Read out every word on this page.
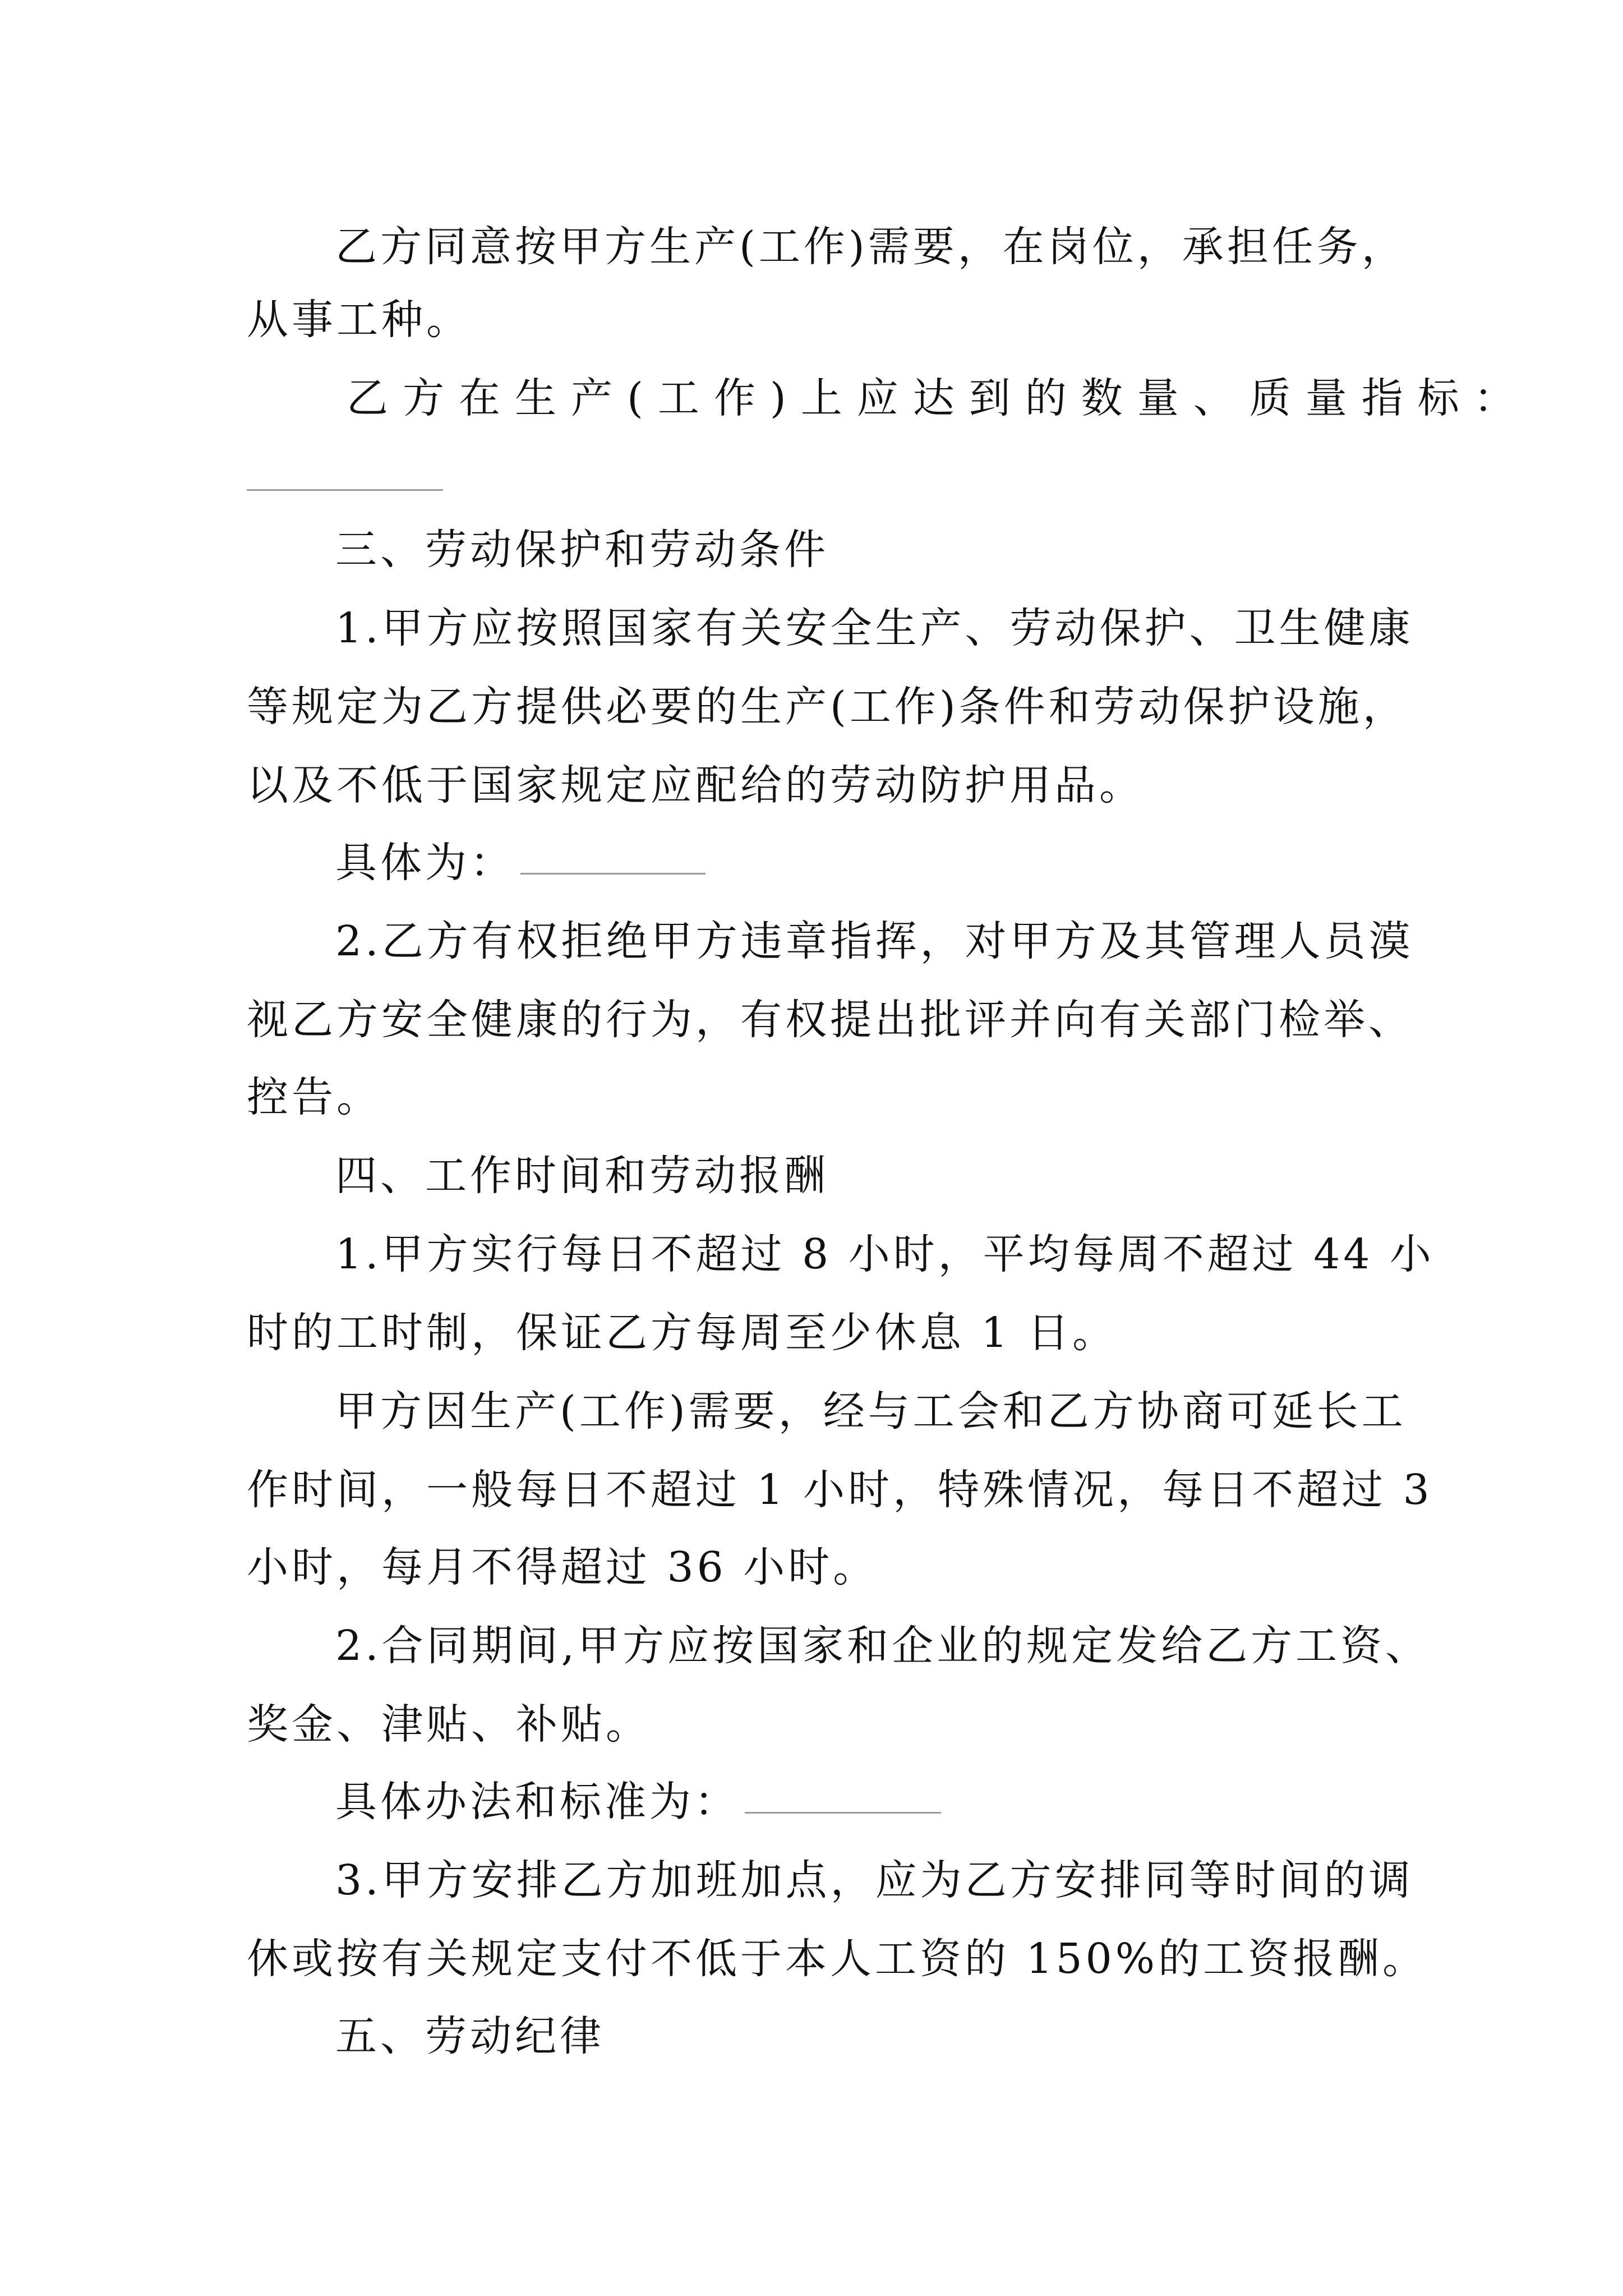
乙方同意按甲方生产(工作)需要，在岗位，承担任务，
从事工种。
乙方在生产(工作)上应达到的数量、质量指标：
三、劳动保护和劳动条件
1.甲方应按照国家有关安全生产、劳动保护、卫生健康
等规定为乙方提供必要的生产(工作)条件和劳动保护设施，
以及不低于国家规定应配给的劳动防护用品。
具体为：
2.乙方有权拒绝甲方违章指挥，对甲方及其管理人员漠
视乙方安全健康的行为，有权提出批评并向有关部门检举、
控告。
四、工作时间和劳动报酬
1.甲方实行每日不超过 8 小时，平均每周不超过 44 小
时的工时制，保证乙方每周至少休息 1 日。
甲方因生产(工作)需要，经与工会和乙方协商可延长工
作时间，一般每日不超过 1 小时，特殊情况，每日不超过 3
小时，每月不得超过 36 小时。
2.合同期间,甲方应按国家和企业的规定发给乙方工资、
奖金、津贴、补贴。
具体办法和标准为：
3.甲方安排乙方加班加点，应为乙方安排同等时间的调
休或按有关规定支付不低于本人工资的 150%的工资报酬。
五、劳动纪律
